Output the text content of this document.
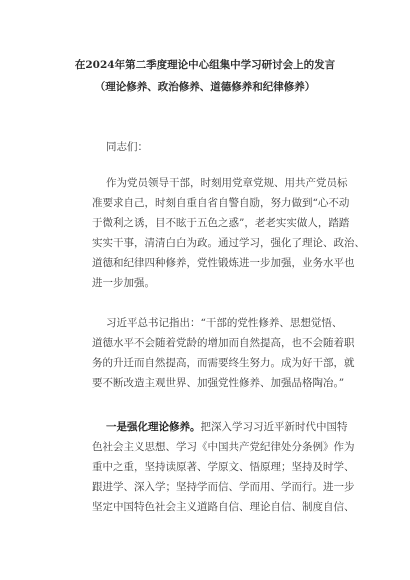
在2024年第二季度理论中心组集中学习研讨会上的发言
（理论修养、政治修养、道德修养和纪律修养）
同志们：
作为党员领导干部，时刻用党章党规、用共产党员标
准要求自己，时刻自重自省自警自励，努力做到“心不动
于微利之诱，目不眩于五色之惑”，老老实实做人，踏踏
实实干事，清清白白为政。通过学习，强化了理论、政治、
道德和纪律四种修养，党性锻炼进一步加强，业务水平也
进一步加强。
习近平总书记指出：“干部的党性修养、思想觉悟、
道德水平不会随着党龄的增加而自然提高，也不会随着职
务的升迁而自然提高，而需要终生努力。成为好干部，就
要不断改造主观世界、加强党性修养、加强品格陶冶。”
一是强化理论修养。把深入学习习近平新时代中国特
色社会主义思想、学习《中国共产党纪律处分条例》作为
重中之重，坚持读原著、学原文、悟原理；坚持及时学、
跟进学、深入学；坚持学而信、学而用、学而行。进一步
坚定中国特色社会主义道路自信、理论自信、制度自信、
